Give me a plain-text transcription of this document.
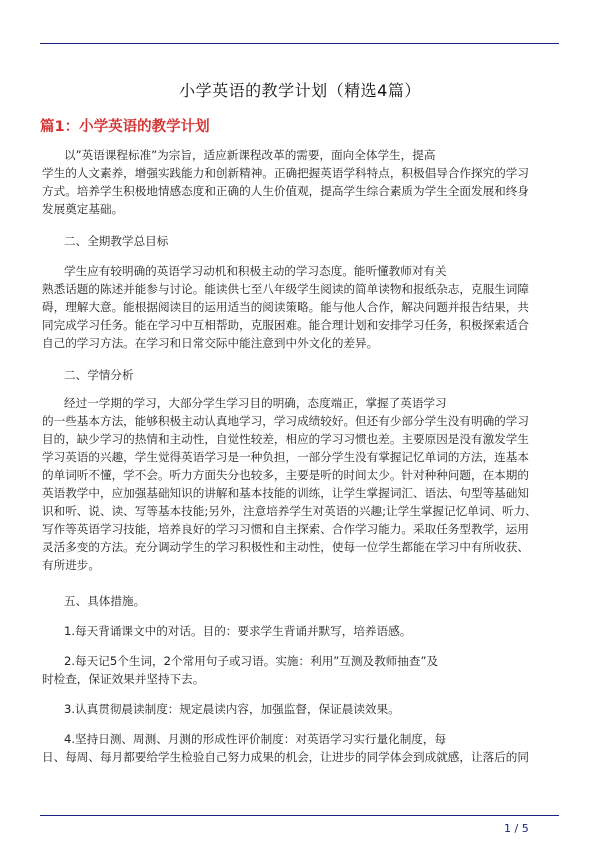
小学英语的教学计划（精选4篇）
篇1：小学英语的教学计划
以”英语课程标准”为宗旨，适应新课程改革的需要，面向全体学生，提高
学生的人文素养，增强实践能力和创新精神。正确把握英语学科特点，积极倡导合作探究的学习
方式。培养学生积极地情感态度和正确的人生价值观，提高学生综合素质为学生全面发展和终身
发展奠定基础。
二、全期教学总目标
学生应有较明确的英语学习动机和积极主动的学习态度。能听懂教师对有关
熟悉话题的陈述并能参与讨论。能读供七至八年级学生阅读的简单读物和报纸杂志，克服生词障
碍，理解大意。能根据阅读目的运用适当的阅读策略。能与他人合作，解决问题并报告结果，共
同完成学习任务。能在学习中互相帮助，克服困难。能合理计划和安排学习任务，积极探索适合
自己的学习方法。在学习和日常交际中能注意到中外文化的差异。
二、学情分析
经过一学期的学习，大部分学生学习目的明确，态度端正，掌握了英语学习
的一些基本方法，能够积极主动认真地学习，学习成绩较好。但还有少部分学生没有明确的学习
目的，缺少学习的热情和主动性，自觉性较差，相应的学习习惯也差。主要原因是没有激发学生
学习英语的兴趣，学生觉得英语学习是一种负担，一部分学生没有掌握记忆单词的方法，连基本
的单词听不懂，学不会。听力方面失分也较多，主要是听的时间太少。针对种种问题，在本期的
英语教学中，应加强基础知识的讲解和基本技能的训练，让学生掌握词汇、语法、句型等基础知
识和听、说、读、写等基本技能;另外，注意培养学生对英语的兴趣;让学生掌握记忆单词、听力、
写作等英语学习技能，培养良好的学习习惯和自主探索、合作学习能力。采取任务型教学，运用
灵活多变的方法。充分调动学生的学习积极性和主动性，使每一位学生都能在学习中有所收获、
有所进步。
五、具体措施。
1.每天背诵课文中的对话。目的：要求学生背诵并默写，培养语感。
2.每天记5个生词，2个常用句子或习语。实施：利用”互测及教师抽查”及
时检查，保证效果并坚持下去。
3.认真贯彻晨读制度：规定晨读内容，加强监督，保证晨读效果。
4.坚持日测、周测、月测的形成性评价制度：对英语学习实行量化制度，每
日、每周、每月都要给学生检验自己努力成果的机会，让进步的同学体会到成就感，让落后的同
1 / 5
